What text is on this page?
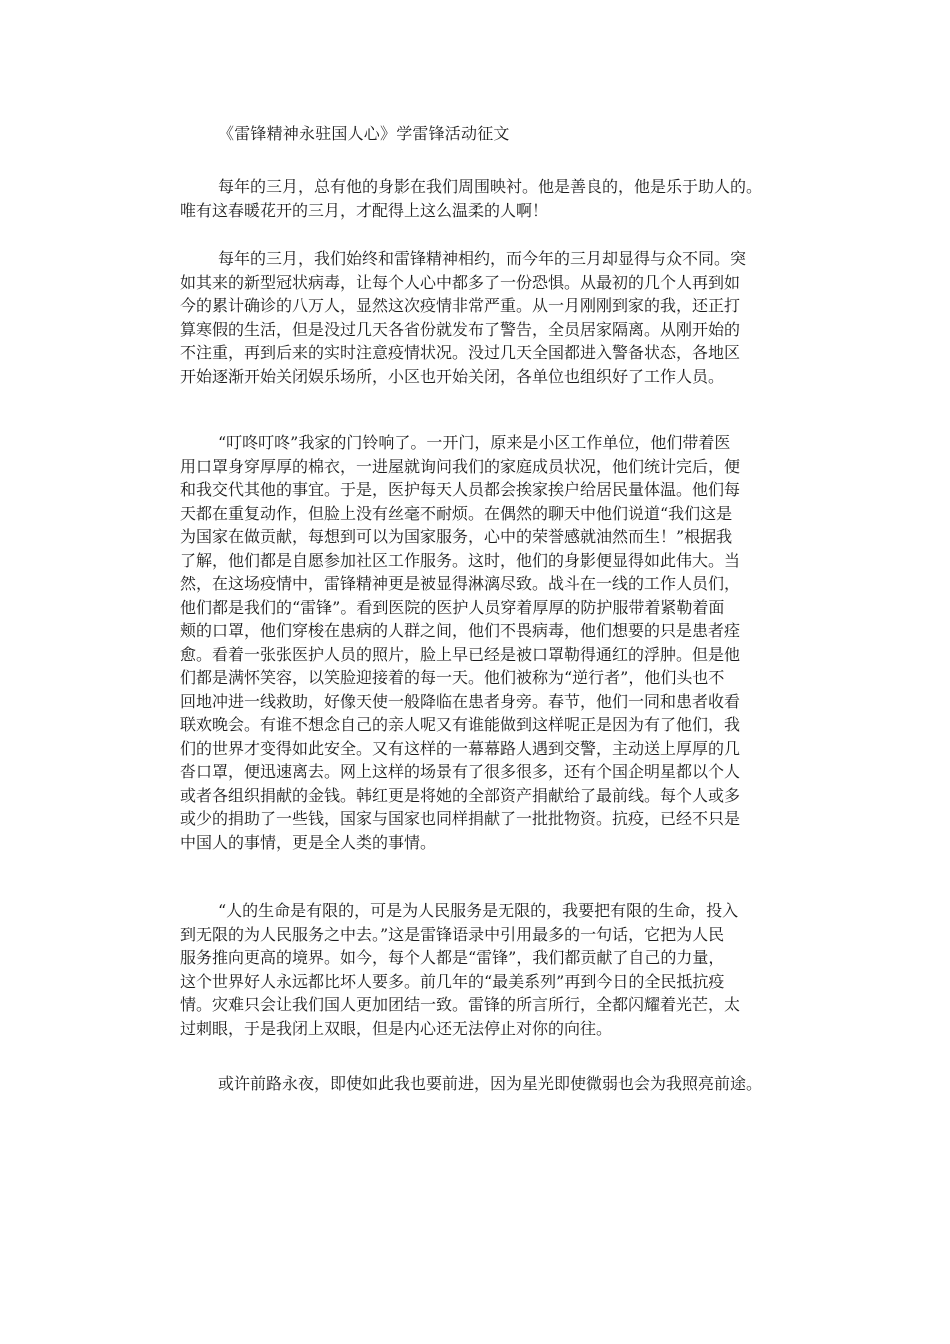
《雷锋精神永驻国人心》学雷锋活动征文
每年的三月，总有他的身影在我们周围映衬。他是善良的，他是乐于助人的。
唯有这春暖花开的三月，才配得上这么温柔的人啊！
每年的三月，我们始终和雷锋精神相约，而今年的三月却显得与众不同。突
如其来的新型冠状病毒，让每个人心中都多了一份恐惧。从最初的几个人再到如
今的累计确诊的八万人，显然这次疫情非常严重。从一月刚刚到家的我，还正打
算寒假的生活，但是没过几天各省份就发布了警告，全员居家隔离。从刚开始的
不注重，再到后来的实时注意疫情状况。没过几天全国都进入警备状态，各地区
开始逐渐开始关闭娱乐场所，小区也开始关闭，各单位也组织好了工作人员。
“叮咚叮咚”我家的门铃响了。一开门，原来是小区工作单位，他们带着医
用口罩身穿厚厚的棉衣，一进屋就询问我们的家庭成员状况，他们统计完后，便
和我交代其他的事宜。于是，医护每天人员都会挨家挨户给居民量体温。他们每
天都在重复动作，但脸上没有丝毫不耐烦。在偶然的聊天中他们说道“我们这是
为国家在做贡献，每想到可以为国家服务，心中的荣誉感就油然而生！”根据我
了解，他们都是自愿参加社区工作服务。这时，他们的身影便显得如此伟大。当
然，在这场疫情中，雷锋精神更是被显得淋漓尽致。战斗在一线的工作人员们，
他们都是我们的“雷锋”。看到医院的医护人员穿着厚厚的防护服带着紧勒着面
颊的口罩，他们穿梭在患病的人群之间，他们不畏病毒，他们想要的只是患者痊
愈。看着一张张医护人员的照片，脸上早已经是被口罩勒得通红的浮肿。但是他
们都是满怀笑容，以笑脸迎接着的每一天。他们被称为“逆行者”，他们头也不
回地冲进一线救助，好像天使一般降临在患者身旁。春节，他们一同和患者收看
联欢晚会。有谁不想念自己的亲人呢又有谁能做到这样呢正是因为有了他们，我
们的世界才变得如此安全。又有这样的一幕幕路人遇到交警，主动送上厚厚的几
沓口罩，便迅速离去。网上这样的场景有了很多很多，还有个国企明星都以个人
或者各组织捐献的金钱。韩红更是将她的全部资产捐献给了最前线。每个人或多
或少的捐助了一些钱，国家与国家也同样捐献了一批批物资。抗疫，已经不只是
中国人的事情，更是全人类的事情。
“人的生命是有限的，可是为人民服务是无限的，我要把有限的生命，投入
到无限的为人民服务之中去。”这是雷锋语录中引用最多的一句话，它把为人民
服务推向更高的境界。如今，每个人都是“雷锋”，我们都贡献了自己的力量，
这个世界好人永远都比坏人要多。前几年的“最美系列”再到今日的全民抵抗疫
情。灾难只会让我们国人更加团结一致。雷锋的所言所行，全都闪耀着光芒，太
过刺眼，于是我闭上双眼，但是内心还无法停止对你的向往。
或许前路永夜，即使如此我也要前进，因为星光即使微弱也会为我照亮前途。
